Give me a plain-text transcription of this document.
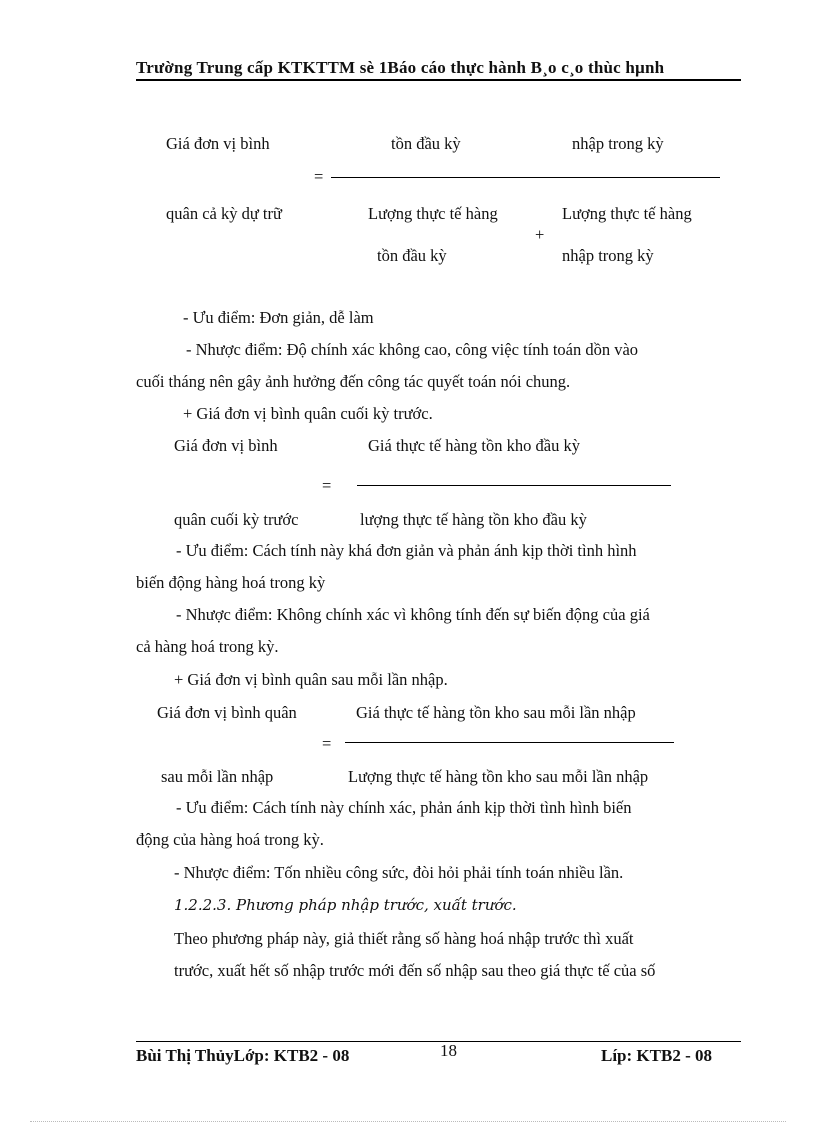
Trường Trung cấp KTKTTM sè 1Báo cáo thực hành B¸o c¸o thùc hµnh
Giá đơn vị bình	tồn đầu kỳ	nhập trong kỳ
=
quân cả kỳ dự trữ	Lượng thực tế hàng
+
Lượng thực tế hàng
tồn đầu kỳ	nhập trong kỳ
- Ưu điểm: Đơn giản, dễ làm
- Nhược điểm: Độ chính xác không cao, công việc tính toán dồn vào
cuối tháng nên gây ảnh hưởng đến công tác quyết toán nói chung.
+ Giá đơn vị bình quân cuối kỳ trước.
Giá đơn vị bình	Giá thực tế hàng tồn kho đầu kỳ
=
quân cuối kỳ trước	lượng thực tế hàng tồn kho đầu kỳ
- Ưu điểm: Cách tính này khá đơn giản và phản ánh kịp thời tình hình
biến động hàng hoá trong kỳ
- Nhược điểm: Không chính xác vì không tính đến sự biến động của giá
cả hàng hoá trong kỳ.
+ Giá đơn vị bình quân sau mỗi lần nhập.
Giá đơn vị bình quân	Giá thực tế hàng tồn kho sau mỗi lần nhập
=
sau mỗi lần nhập	Lượng thực tế hàng tồn kho sau mỗi lần nhập
- Ưu điểm: Cách tính này chính xác, phản ánh kịp thời tình hình biến
động của hàng hoá trong kỳ.
- Nhược điểm: Tốn nhiều công sức, đòi hỏi phải tính toán nhiều lần.
1.2.2.3. Phương pháp nhập trước, xuất trước.
Theo phương pháp này, giả thiết rằng số hàng hoá nhập trước thì xuất
trước, xuất hết số nhập trước mới đến số nhập sau theo giá thực tế của số
Bùi Thị ThủyLớp: KTB2 - 08	18	Líp: KTB2 - 08
